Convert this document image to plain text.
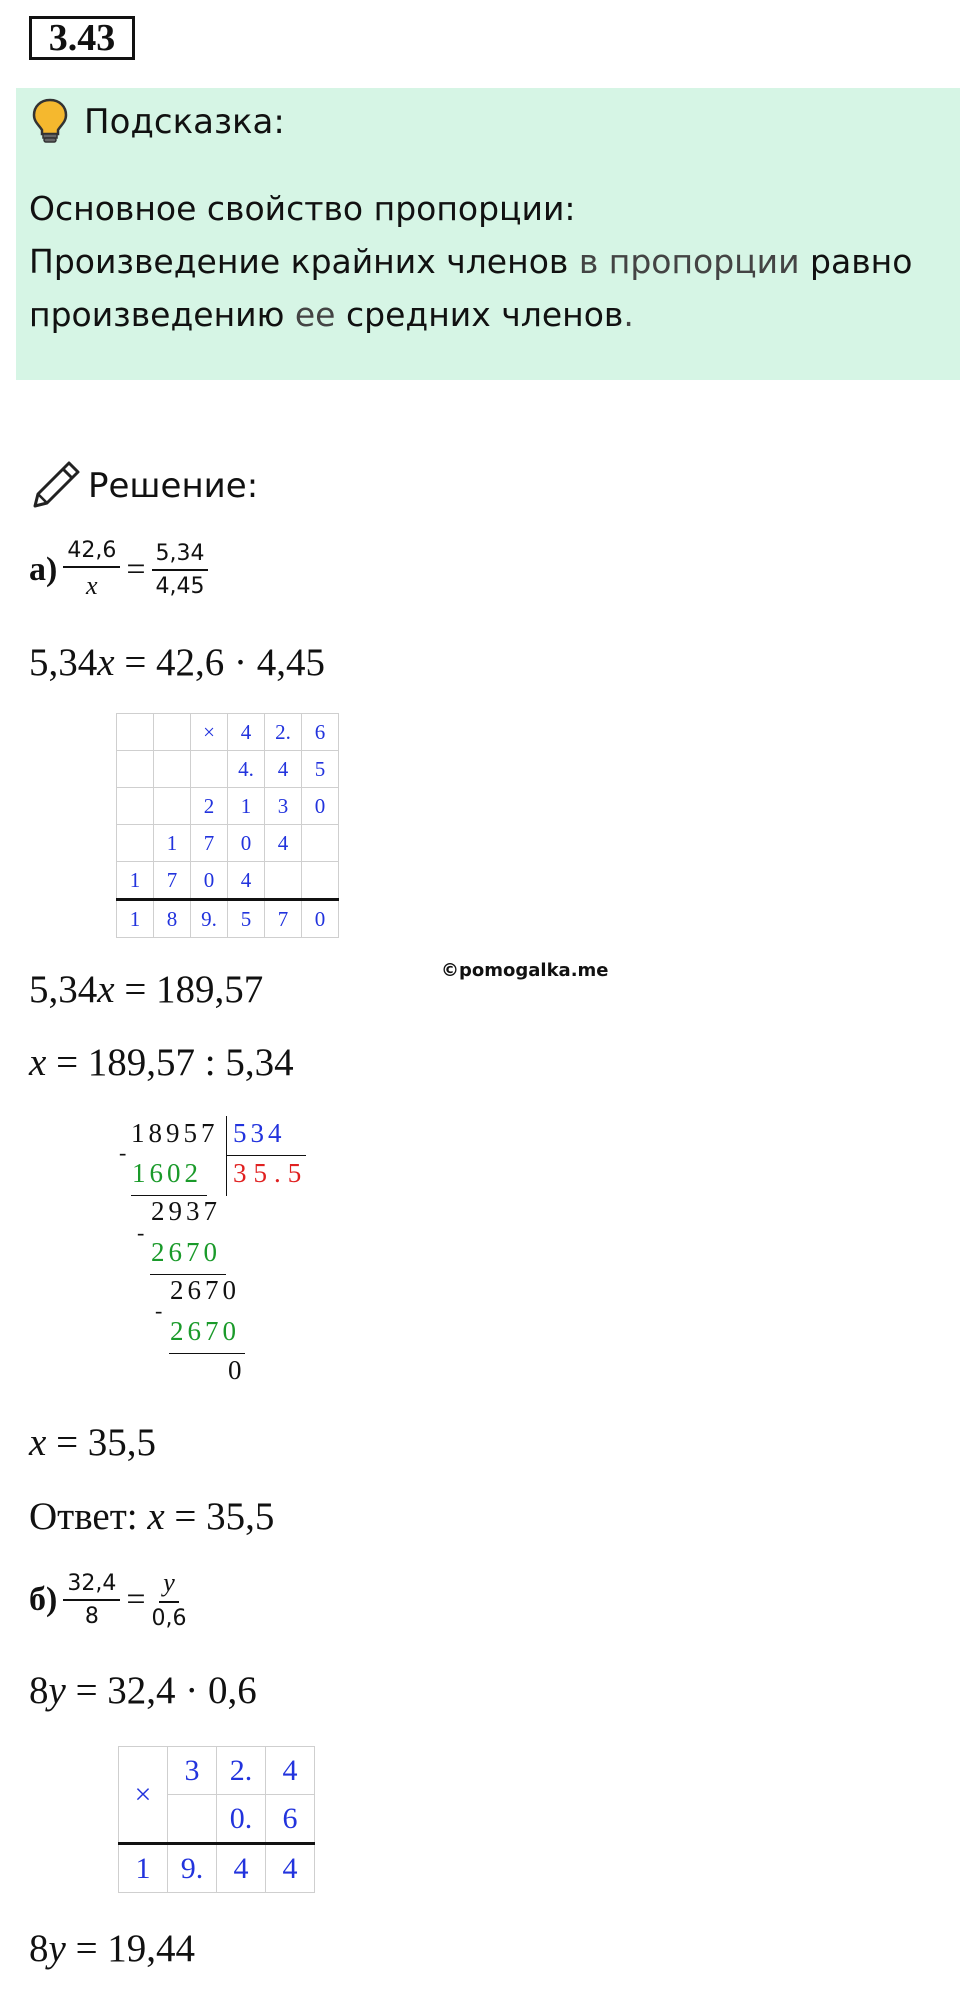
3.43
Подсказка:
Основное свойство пропорции:
Произведение крайних членов в пропорции равно
произведению ее средних членов.
Решение:
$а) \frac{42,6}{x} = \frac{5,34}{4,45}$
5,34x = 42,6 · 4,45
		×	4	2.	6
			4.	4	5
		2	1	3	0
	1	7	0	4	
1	7	0	4		
1	8	9.	5	7	0
©pomogalka.me
5,34x = 189,57
x = 189,57 : 5,34
18957 534
35.5
-
1602
2937
-
2670
2670
-
2670
0
x = 35,5
Ответ: x = 35,5
$б) \frac{32,4}{8} = \frac{y}{0,6}$
8y = 32,4 · 0,6
×	3	2.	4
		0.	6
1	9.	4	4
8y = 19,44
